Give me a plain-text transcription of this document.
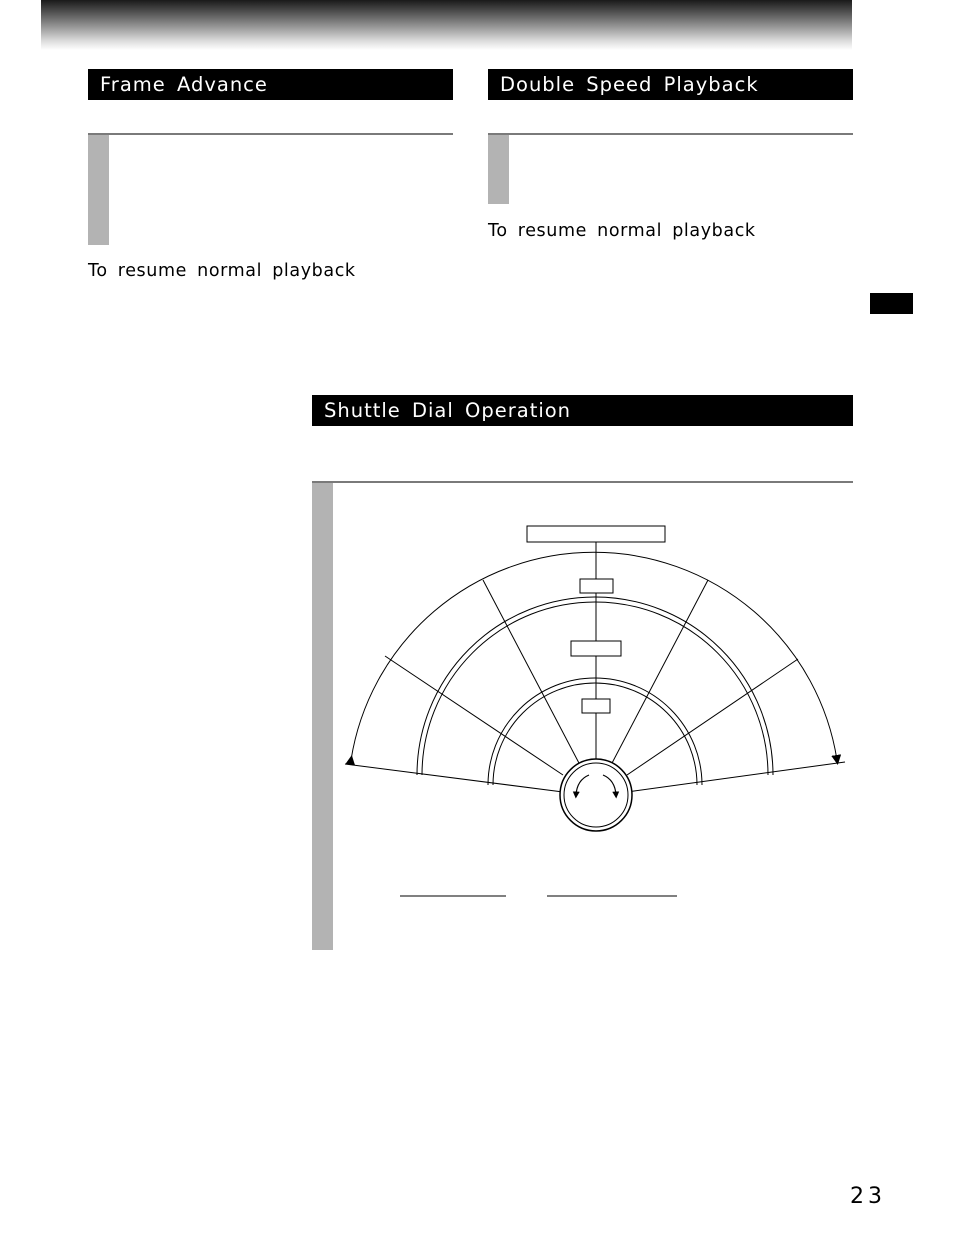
Frame Advance
To resume normal playback
Double Speed Playback
To resume normal playback
Shuttle Dial Operation
23
